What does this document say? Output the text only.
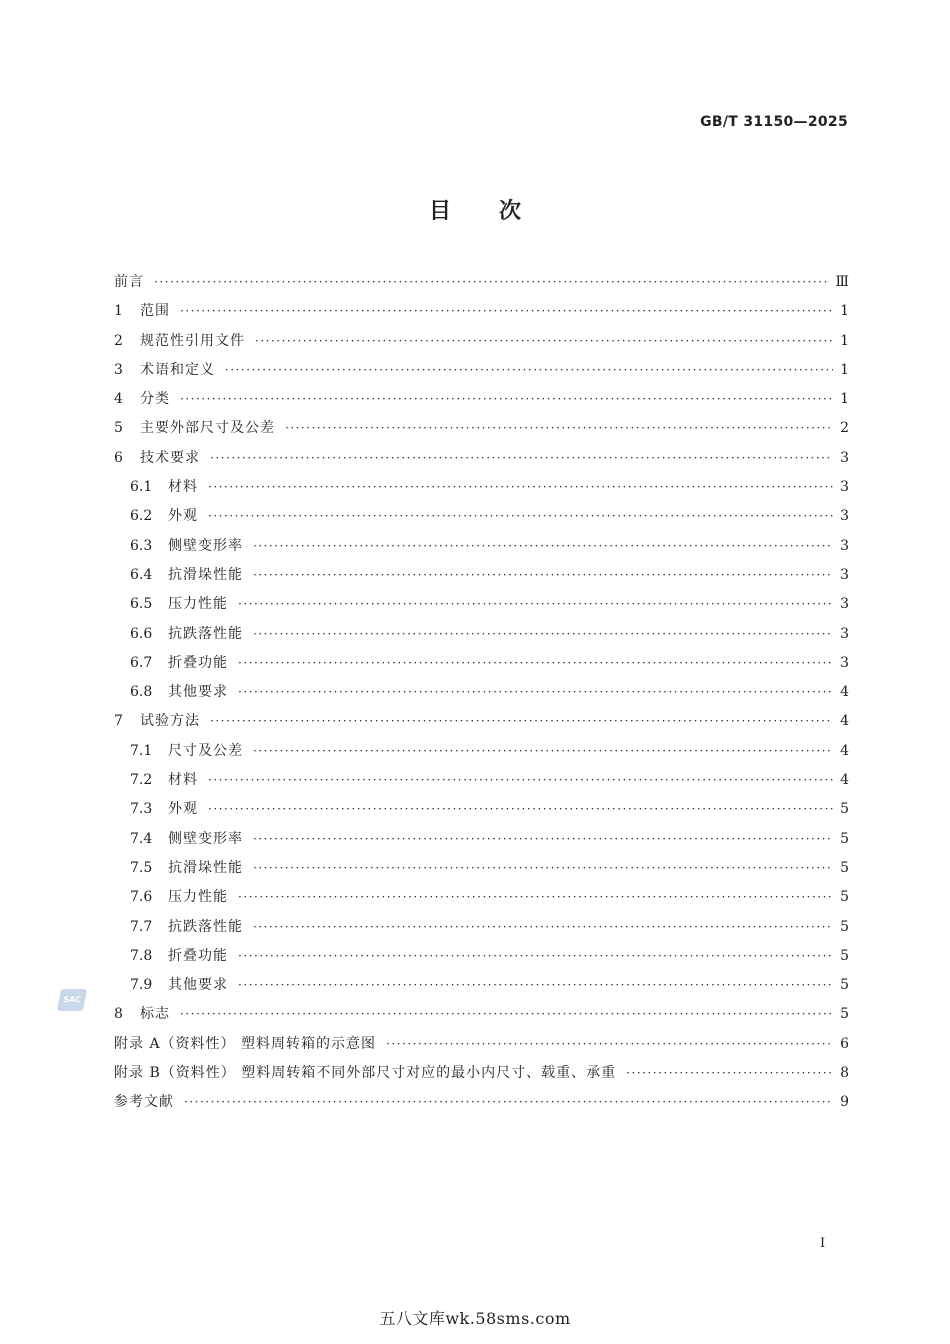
GB/T 31150—2025
目 次
前言 ·····	Ⅲ
1	范围 ·····	1
2	规范性引用文件 ·····	1
3	术语和定义 ·····	1
4	分类 ·····	1
5	主要外部尺寸及公差 ·····	2
6	技术要求 ·····	3
6.1	材料 ·····	3
6.2	外观 ·····	3
6.3	侧壁变形率 ·····	3
6.4	抗滑垛性能 ·····	3
6.5	压力性能 ·····	3
6.6	抗跌落性能 ·····	3
6.7	折叠功能 ·····	3
6.8	其他要求 ·····	4
7	试验方法 ·····	4
7.1	尺寸及公差 ·····	4
7.2	材料 ·····	4
7.3	外观 ·····	5
7.4	侧壁变形率 ·····	5
7.5	抗滑垛性能 ·····	5
7.6	压力性能 ·····	5
7.7	抗跌落性能 ·····	5
7.8	折叠功能 ·····	5
7.9	其他要求 ·····	5
8	标志 ·····	5
附录 A（资料性） 塑料周转箱的示意图 ·····	6
附录 B（资料性） 塑料周转箱不同外部尺寸对应的最小内尺寸、载重、承重 ·····	8
参考文献 ·····	9
SAC
I
五八文库wk.58sms.com
